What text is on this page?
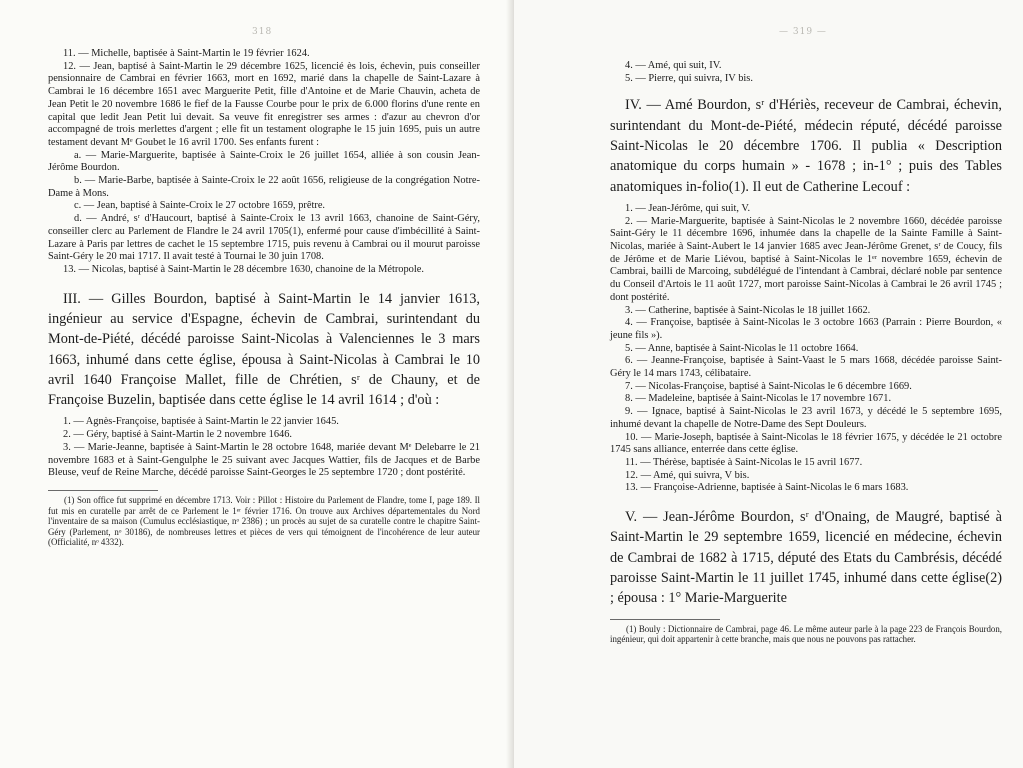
318

11. — Michelle, baptisée à Saint-Martin le 19 février 1624.

12. — Jean, baptisé à Saint-Martin le 29 décembre 1625, licencié ès lois, échevin, puis conseiller pensionnaire de Cambrai en février 1663, mort en 1692, marié dans la chapelle de Saint-Lazare à Cambrai le 16 décembre 1651 avec Marguerite Petit, fille d'Antoine et de Marie Chauvin, acheta de Jean Petit le 20 novembre 1686 le fief de la Fausse Courbe pour le prix de 6.000 florins d'une rente en capital que ledit Jean Petit lui devait. Sa veuve fit enregistrer ses armes : d'azur au chevron d'or accompagné de trois merlettes d'argent ; elle fit un testament olographe le 15 juin 1695, puis un autre testament devant Mᵉ Goubet le 16 avril 1700. Ses enfants furent :

a. — Marie-Marguerite, baptisée à Sainte-Croix le 26 juillet 1654, alliée à son cousin Jean-Jérôme Bourdon.

b. — Marie-Barbe, baptisée à Sainte-Croix le 22 août 1656, religieuse de la congrégation Notre-Dame à Mons.

c. — Jean, baptisé à Sainte-Croix le 27 octobre 1659, prêtre.

d. — André, sʳ d'Haucourt, baptisé à Sainte-Croix le 13 avril 1663, chanoine de Saint-Géry, conseiller clerc au Parlement de Flandre le 24 avril 1705(1), enfermé pour cause d'imbécillité à Saint-Lazare à Paris par lettres de cachet le 15 septembre 1715, puis revenu à Cambrai ou il mourut paroisse Saint-Géry le 20 mai 1717. Il avait testé à Tournai le 30 juin 1708.

13. — Nicolas, baptisé à Saint-Martin le 28 décembre 1630, chanoine de la Métropole.

III. — Gilles Bourdon, baptisé à Saint-Martin le 14 janvier 1613, ingénieur au service d'Espagne, échevin de Cambrai, surintendant du Mont-de-Piété, décédé paroisse Saint-Nicolas à Valenciennes le 3 mars 1663, inhumé dans cette église, épousa à Saint-Nicolas à Cambrai le 10 avril 1640 Françoise Mallet, fille de Chrétien, sʳ de Chauny, et de Françoise Buzelin, baptisée dans cette église le 14 avril 1614 ; d'où :

1. — Agnès-Françoise, baptisée à Saint-Martin le 22 janvier 1645.

2. — Géry, baptisé à Saint-Martin le 2 novembre 1646.

3. — Marie-Jeanne, baptisée à Saint-Martin le 28 octobre 1648, mariée devant Mᵉ Delebarre le 21 novembre 1683 et à Saint-Gengulphe le 25 suivant avec Jacques Wattier, fils de Jacques et de Barbe Bleuse, veuf de Reine Marche, décédé paroisse Saint-Georges le 25 septembre 1720 ; dont postérité.

(1) Son office fut supprimé en décembre 1713. Voir : Pillot : Histoire du Parlement de Flandre, tome I, page 189. Il fut mis en curatelle par arrêt de ce Parlement le 1ᵉʳ février 1716. On trouve aux Archives départementales du Nord l'inventaire de sa maison (Cumulus ecclésiastique, nᵒ 2386) ; un procès au sujet de sa curatelle contre le chapitre Saint-Géry (Parlement, nᵒ 30186), de nombreuses lettres et pièces de vers qui témoignent de l'incohérence de leur auteur (Officialité, nᵒ 4332).

— 319 —

4. — Amé, qui suit, IV.

5. — Pierre, qui suivra, IV bis.

IV. — Amé Bourdon, sʳ d'Hériès, receveur de Cambrai, échevin, surintendant du Mont-de-Piété, médecin réputé, décédé paroisse Saint-Nicolas le 20 décembre 1706. Il publia « Description anatomique du corps humain » - 1678 ; in-1° ; puis des Tables anatomiques in-folio(1). Il eut de Catherine Lecouf :

1. — Jean-Jérôme, qui suit, V.

2. — Marie-Marguerite, baptisée à Saint-Nicolas le 2 novembre 1660, décédée paroisse Saint-Géry le 11 décembre 1696, inhumée dans la chapelle de la Sainte Famille à Saint-Nicolas, mariée à Saint-Aubert le 14 janvier 1685 avec Jean-Jérôme Grenet, sʳ de Coucy, fils de Jérôme et de Marie Liévou, baptisé à Saint-Nicolas le 1ᵉʳ novembre 1659, échevin de Cambrai, bailli de Marcoing, subdélégué de l'intendant à Cambrai, déclaré noble par sentence du Conseil d'Artois le 11 août 1727, mort paroisse Saint-Nicolas à Cambrai le 26 avril 1745 ; dont postérité.

3. — Catherine, baptisée à Saint-Nicolas le 18 juillet 1662.

4. — Françoise, baptisée à Saint-Nicolas le 3 octobre 1663 (Parrain : Pierre Bourdon, « jeune fils »).

5. — Anne, baptisée à Saint-Nicolas le 11 octobre 1664.

6. — Jeanne-Françoise, baptisée à Saint-Vaast le 5 mars 1668, décédée paroisse Saint-Géry le 14 mars 1743, célibataire.

7. — Nicolas-Françoise, baptisé à Saint-Nicolas le 6 décembre 1669.

8. — Madeleine, baptisée à Saint-Nicolas le 17 novembre 1671.

9. — Ignace, baptisé à Saint-Nicolas le 23 avril 1673, y décédé le 5 septembre 1695, inhumé devant la chapelle de Notre-Dame des Sept Douleurs.

10. — Marie-Joseph, baptisée à Saint-Nicolas le 18 février 1675, y décédée le 21 octobre 1745 sans alliance, enterrée dans cette église.

11. — Thérèse, baptisée à Saint-Nicolas le 15 avril 1677.

12. — Amé, qui suivra, V bis.

13. — Françoise-Adrienne, baptisée à Saint-Nicolas le 6 mars 1683.

V. — Jean-Jérôme Bourdon, sʳ d'Onaing, de Maugré, baptisé à Saint-Martin le 29 septembre 1659, licencié en médecine, échevin de Cambrai de 1682 à 1715, député des Etats du Cambrésis, décédé paroisse Saint-Martin le 11 juillet 1745, inhumé dans cette église(2) ; épousa : 1° Marie-Marguerite

(1) Bouly : Dictionnaire de Cambrai, page 46. Le même auteur parle à la page 223 de François Bourdon, ingénieur, qui doit appartenir à cette branche, mais que nous ne pouvons pas rattacher.
